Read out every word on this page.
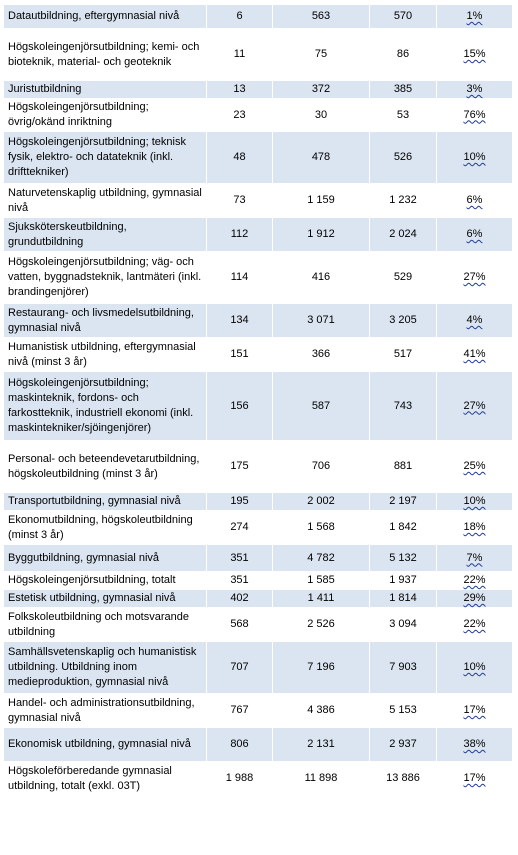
Datautbildning, eftergymnasial nivå	6	563	570	1%
Högskoleingenjörsutbildning; kemi- och bioteknik, material- och geoteknik	11	75	86	15%
Juristutbildning	13	372	385	3%
Högskoleingenjörsutbildning; övrig/okänd inriktning	23	30	53	76%
Högskoleingenjörsutbildning; teknisk fysik, elektro- och datateknik (inkl. drifttekniker)	48	478	526	10%
Naturvetenskaplig utbildning, gymnasial nivå	73	1 159	1 232	6%
Sjuksköterskeutbildning, grundutbildning	112	1 912	2 024	6%
Högskoleingenjörsutbildning; väg- och vatten, byggnadsteknik, lantmäteri (inkl. brandingenjörer)	114	416	529	27%
Restaurang- och livsmedelsutbildning, gymnasial nivå	134	3 071	3 205	4%
Humanistisk utbildning, eftergymnasial nivå (minst 3 år)	151	366	517	41%
Högskoleingenjörsutbildning; maskinteknik, fordons- och farkostteknik, industriell ekonomi (inkl. maskintekniker/sjöingenjörer)	156	587	743	27%
Personal- och beteendevetarutbildning, högskoleutbildning (minst 3 år)	175	706	881	25%
Transportutbildning, gymnasial nivå	195	2 002	2 197	10%
Ekonomutbildning, högskoleutbildning (minst 3 år)	274	1 568	1 842	18%
Byggutbildning, gymnasial nivå	351	4 782	5 132	7%
Högskoleingenjörsutbildning, totalt	351	1 585	1 937	22%
Estetisk utbildning, gymnasial nivå	402	1 411	1 814	29%
Folkskoleutbildning och motsvarande utbildning	568	2 526	3 094	22%
Samhällsvetenskaplig och humanistisk utbildning. Utbildning inom medieproduktion, gymnasial nivå	707	7 196	7 903	10%
Handel- och administrationsutbildning, gymnasial nivå	767	4 386	5 153	17%
Ekonomisk utbildning, gymnasial nivå	806	2 131	2 937	38%
Högskoleförberedande gymnasial utbildning, totalt (exkl. 03T)	1 988	11 898	13 886	17%
